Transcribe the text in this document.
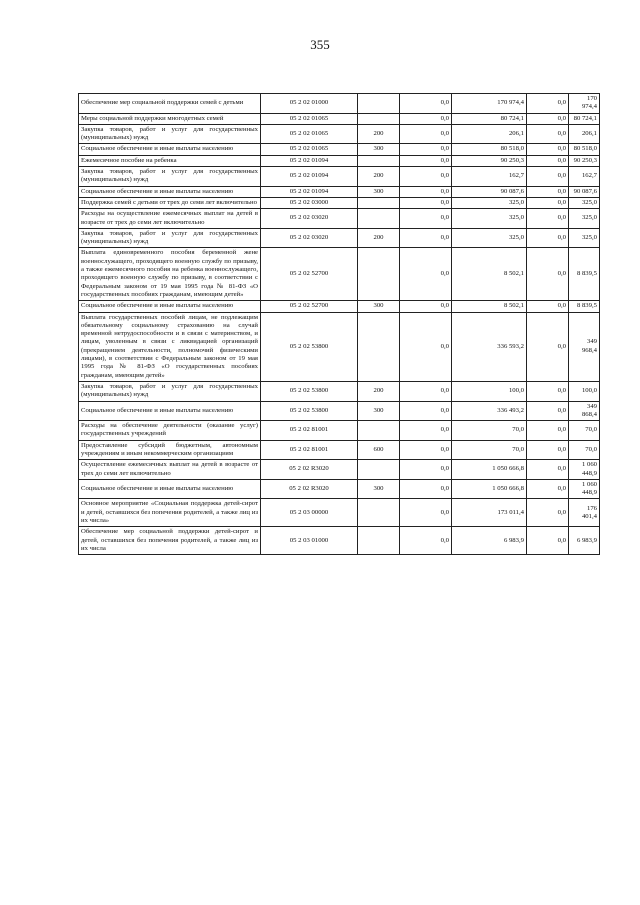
355
Обеспечение мер социальной поддержки семей с детьми	05 2 02 01000		0,0	170 974,4	0,0	170 974,4
Меры социальной поддержки многодетных семей	05 2 02 01065		0,0	80 724,1	0,0	80 724,1
Закупка товаров, работ и услуг для государственных (муниципальных) нужд	05 2 02 01065	200	0,0	206,1	0,0	206,1
Социальное обеспечение и иные выплаты населению	05 2 02 01065	300	0,0	80 518,0	0,0	80 518,0
Ежемесячное пособие на ребенка	05 2 02 01094		0,0	90 250,3	0,0	90 250,3
Закупка товаров, работ и услуг для государственных (муниципальных) нужд	05 2 02 01094	200	0,0	162,7	0,0	162,7
Социальное обеспечение и иные выплаты населению	05 2 02 01094	300	0,0	90 087,6	0,0	90 087,6
Поддержка семей с детьми от трех до семи лет включительно	05 2 02 03000		0,0	325,0	0,0	325,0
Расходы на осуществление ежемесячных выплат на детей в возрасте от трех до семи лет включительно	05 2 02 03020		0,0	325,0	0,0	325,0
Закупка товаров, работ и услуг для государственных (муниципальных) нужд	05 2 02 03020	200	0,0	325,0	0,0	325,0
Выплата единовременного пособия беременной жене военнослужащего, проходящего военную службу по призыву, а также ежемесячного пособия на ребенка военнослужащего, проходящего военную службу по призыву, в соответствии с Федеральным законом от 19 мая 1995 года № 81-ФЗ «О государственных пособиях гражданам, имеющим детей»	05 2 02 52700		0,0	8 502,1	0,0	8 839,5
Социальное обеспечение и иные выплаты населению	05 2 02 52700	300	0,0	8 502,1	0,0	8 839,5
Выплата государственных пособий лицам, не подлежащим обязательному социальному страхованию на случай временной нетрудоспособности и в связи с материнством, и лицам, уволенным в связи с ликвидацией организаций (прекращением деятельности, полномочий физическими лицами), в соответствии с Федеральным законом от 19 мая 1995 года № 81-ФЗ «О государственных пособиях гражданам, имеющим детей»	05 2 02 53800		0,0	336 593,2	0,0	349 968,4
Закупка товаров, работ и услуг для государственных (муниципальных) нужд	05 2 02 53800	200	0,0	100,0	0,0	100,0
Социальное обеспечение и иные выплаты населению	05 2 02 53800	300	0,0	336 493,2	0,0	349 868,4
Расходы на обеспечение деятельности (оказание услуг) государственных учреждений	05 2 02 81001		0,0	70,0	0,0	70,0
Предоставление субсидий бюджетным, автономным учреждениям и иным некоммерческим организациям	05 2 02 81001	600	0,0	70,0	0,0	70,0
Осуществление ежемесячных выплат на детей в возрасте от трех до семи лет включительно	05 2 02 R3020		0,0	1 050 666,8	0,0	1 060 448,9
Социальное обеспечение и иные выплаты населению	05 2 02 R3020	300	0,0	1 050 666,8	0,0	1 060 448,9
Основное мероприятие «Социальная поддержка детей-сирот и детей, оставшихся без попечения родителей, а также лиц из их числа»	05 2 03 00000		0,0	173 011,4	0,0	176 401,4
Обеспечение мер социальной поддержки детей-сирот и детей, оставшихся без попечения родителей, а также лиц из их числа	05 2 03 01000		0,0	6 983,9	0,0	6 983,9
